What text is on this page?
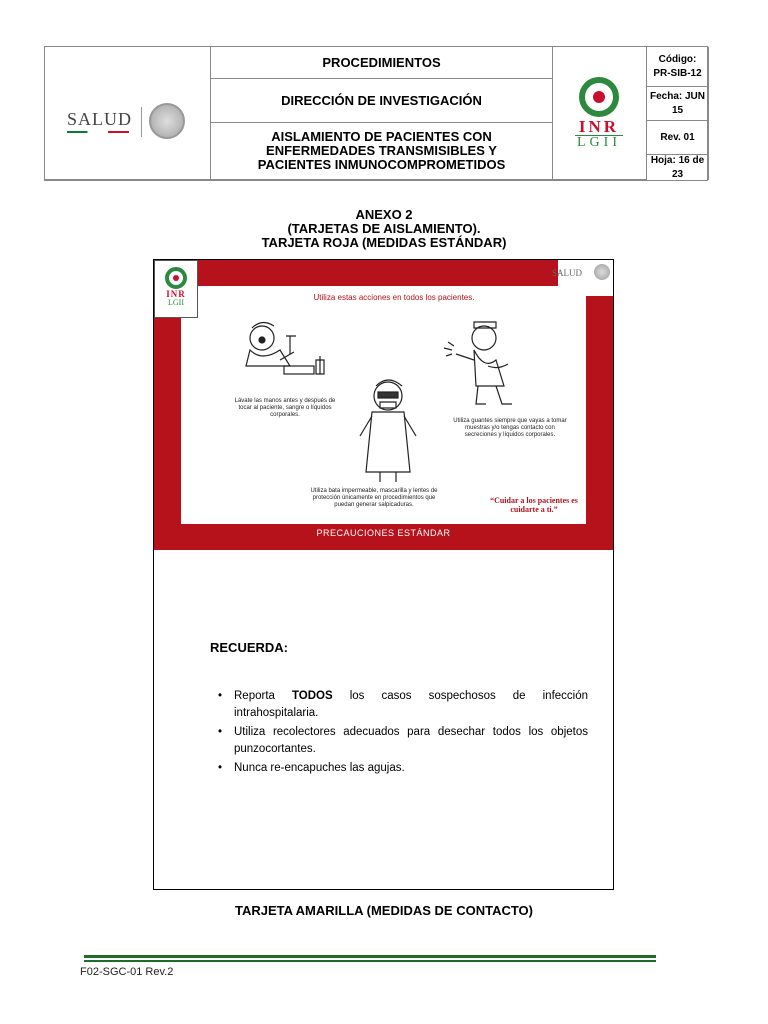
SALUD
PROCEDIMIENTOS
DIRECCIÓN DE INVESTIGACIÓN
AISLAMIENTO DE PACIENTES CON
ENFERMEDADES TRANSMISIBLES Y
PACIENTES INMUNOCOMPROMETIDOS
INR
LGII
Código:
PR-SIB-12
Fecha: JUN 15
Rev. 01
Hoja: 16 de 23
ANEXO 2
(TARJETAS DE AISLAMIENTO).
TARJETA ROJA (MEDIDAS ESTÁNDAR)
SALUD
INR
LGII
Utiliza estas acciones en todos los pacientes.
Lávate las manos antes y después de tocar al paciente, sangre o líquidos corporales.
Utiliza guantes siempre que vayas a tomar muestras y/o tengas contacto con secreciones y líquidos corporales.
Utiliza bata impermeable, mascarilla y lentes de protección únicamente en procedimientos que puedan generar salpicaduras.	“Cuidar a los pacientes es cuidarte a ti.”
PRECAUCIONES ESTÁNDAR
RECUERDA:
• Reporta TODOS los casos sospechosos de infección intrahospitalaria.
• Utiliza recolectores adecuados para desechar todos los objetos punzocortantes.
• Nunca re-encapuches las agujas.
TARJETA AMARILLA (MEDIDAS DE CONTACTO)
F02-SGC-01 Rev.2
